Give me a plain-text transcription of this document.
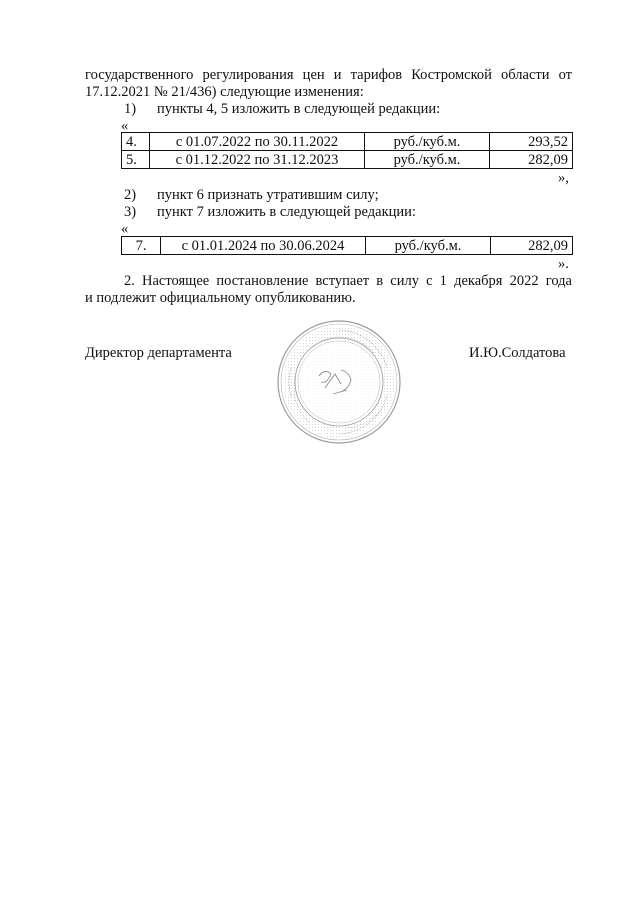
государственного регулирования цен и тарифов Костромской области от
17.12.2021 № 21/436) следующие изменения:
1) пункты 4, 5 изложить в следующей редакции:
«
4.	с 01.07.2022 по 30.11.2022	руб./куб.м.	293,52
5.	с 01.12.2022 по 31.12.2023	руб./куб.м.	282,09
»,
2) пункт 6 признать утратившим силу;
3) пункт 7 изложить в следующей редакции:
«
7.	с 01.01.2024 по 30.06.2024	руб./куб.м.	282,09
».
2. Настоящее постановление вступает в силу с 1 декабря 2022 года
и подлежит официальному опубликованию.
Директор департамента	И.Ю.Солдатова
